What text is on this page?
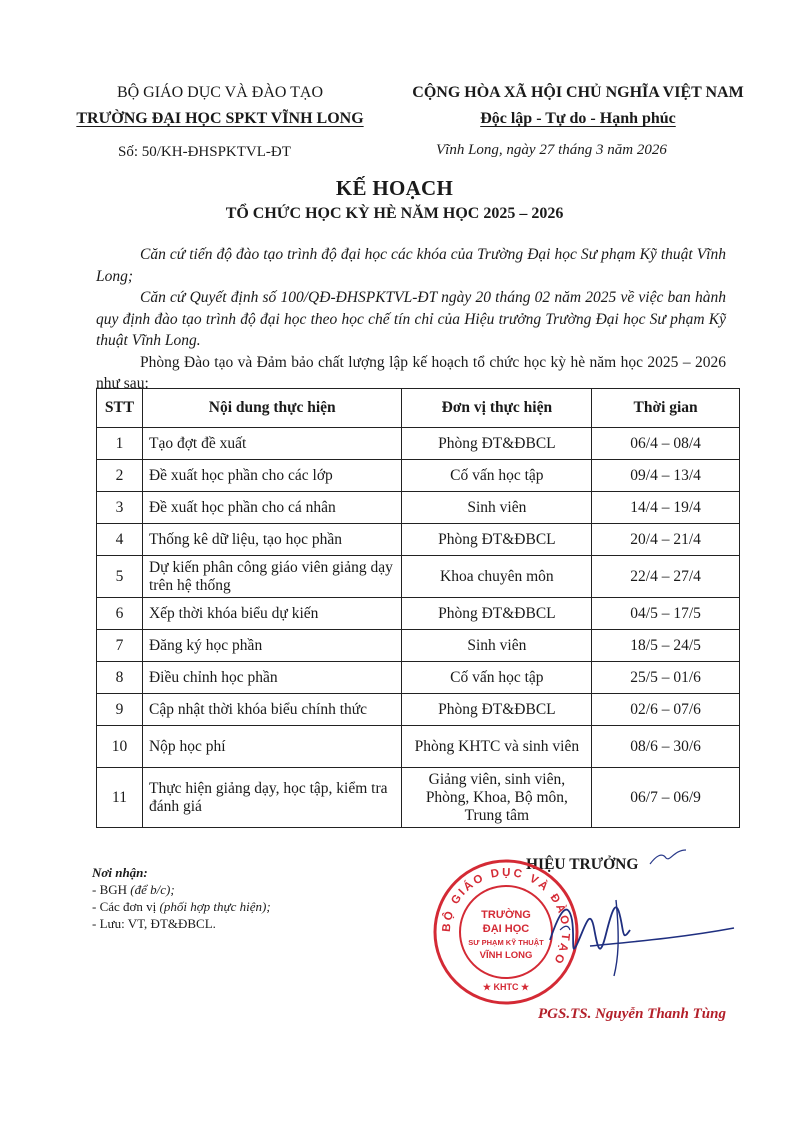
BỘ GIÁO DỤC VÀ ĐÀO TẠO
TRƯỜNG ĐẠI HỌC SPKT VĨNH LONG
CỘNG HÒA XÃ HỘI CHỦ NGHĨA VIỆT NAM
Độc lập - Tự do - Hạnh phúc
Số: 50/KH-ĐHSPKTVL-ĐT	Vĩnh Long, ngày 27 tháng 3 năm 2026
KẾ HOẠCH
TỔ CHỨC HỌC KỲ HÈ NĂM HỌC 2025 – 2026

Căn cứ tiến độ đào tạo trình độ đại học các khóa của Trường Đại học Sư phạm Kỹ thuật Vĩnh Long;

Căn cứ Quyết định số 100/QĐ-ĐHSPKTVL-ĐT ngày 20 tháng 02 năm 2025 về việc ban hành quy định đào tạo trình độ đại học theo học chế tín chỉ của Hiệu trưởng Trường Đại học Sư phạm Kỹ thuật Vĩnh Long.

Phòng Đào tạo và Đảm bảo chất lượng lập kế hoạch tổ chức học kỳ hè năm học 2025 – 2026 như sau:

STT	Nội dung thực hiện	Đơn vị thực hiện	Thời gian
1	Tạo đợt đề xuất	Phòng ĐT&ĐBCL	06/4 – 08/4
2	Đề xuất học phần cho các lớp	Cố vấn học tập	09/4 – 13/4
3	Đề xuất học phần cho cá nhân	Sinh viên	14/4 – 19/4
4	Thống kê dữ liệu, tạo học phần	Phòng ĐT&ĐBCL	20/4 – 21/4
5	Dự kiến phân công giáo viên giảng dạy trên hệ thống	Khoa chuyên môn	22/4 – 27/4
6	Xếp thời khóa biểu dự kiến	Phòng ĐT&ĐBCL	04/5 – 17/5
7	Đăng ký học phần	Sinh viên	18/5 – 24/5
8	Điều chỉnh học phần	Cố vấn học tập	25/5 – 01/6
9	Cập nhật thời khóa biểu chính thức	Phòng ĐT&ĐBCL	02/6 – 07/6
10	Nộp học phí	Phòng KHTC và sinh viên	08/6 – 30/6
11	Thực hiện giảng dạy, học tập, kiểm tra đánh giá	Giảng viên, sinh viên, Phòng, Khoa, Bộ môn, Trung tâm	06/7 – 06/9
Nơi nhận:
- BGH (để b/c);
- Các đơn vị (phối hợp thực hiện);
- Lưu: VT, ĐT&ĐBCL.
HIỆU TRƯỞNG
BỘ GIÁO DỤC VÀ ĐÀO TẠO
TRƯỜNG
ĐẠI HỌC
SƯ PHẠM KỸ THUẬT
VĨNH LONG
★ KHTC ★
PGS.TS. Nguyễn Thanh Tùng
